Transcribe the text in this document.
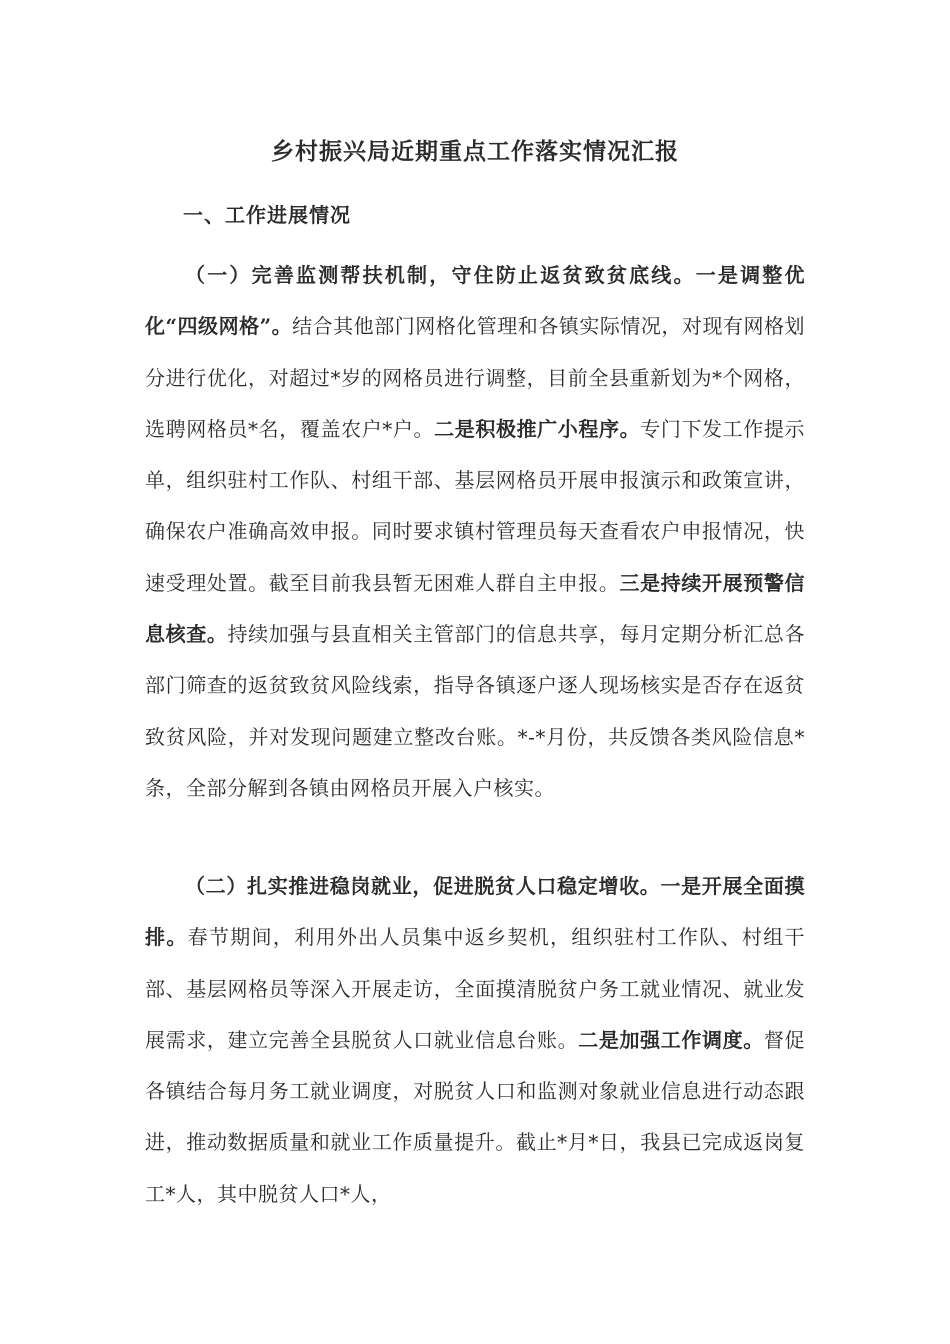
乡村振兴局近期重点工作落实情况汇报
一、工作进展情况

（一）完善监测帮扶机制，守住防止返贫致贫底线。一是调整优化“四级网格”。结合其他部门网格化管理和各镇实际情况，对现有网格划分进行优化，对超过*岁的网格员进行调整，目前全县重新划为*个网格，选聘网格员*名，覆盖农户*户。二是积极推广小程序。专门下发工作提示单，组织驻村工作队、村组干部、基层网格员开展申报演示和政策宣讲，确保农户准确高效申报。同时要求镇村管理员每天查看农户申报情况，快速受理处置。截至目前我县暂无困难人群自主申报。三是持续开展预警信息核查。持续加强与县直相关主管部门的信息共享，每月定期分析汇总各部门筛查的返贫致贫风险线索，指导各镇逐户逐人现场核实是否存在返贫致贫风险，并对发现问题建立整改台账。*-*月份，共反馈各类风险信息*条，全部分解到各镇由网格员开展入户核实。

（二）扎实推进稳岗就业，促进脱贫人口稳定增收。一是开展全面摸排。春节期间，利用外出人员集中返乡契机，组织驻村工作队、村组干部、基层网格员等深入开展走访，全面摸清脱贫户务工就业情况、就业发展需求，建立完善全县脱贫人口就业信息台账。二是加强工作调度。督促各镇结合每月务工就业调度，对脱贫人口和监测对象就业信息进行动态跟进，推动数据质量和就业工作质量提升。截止*月*日，我县已完成返岗复工*人，其中脱贫人口*人，
